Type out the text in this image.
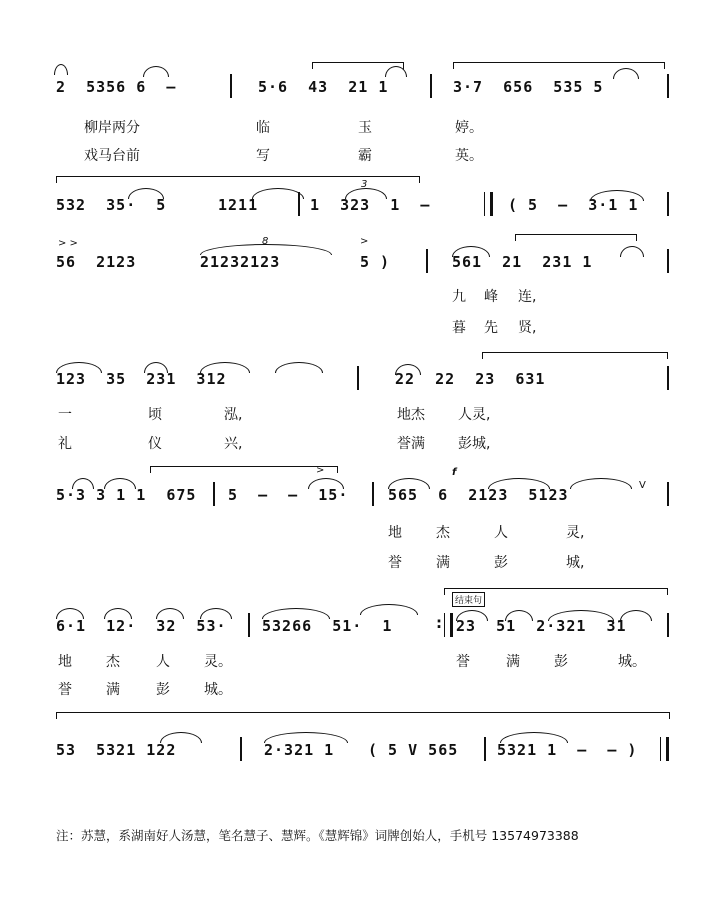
2  5356 6  –	5·6  43  21 1	3·7  656  535 5
柳岸两分	临	玉	婷。
戏马台前	写	霸	英。
3
532  35·  5	1211	1  323  1  –	( 5  –  3·1 1
> >	8	>
56  2123	21232123	5 )	561  21  231 1
九 峰 连,
暮 先 贤,
123  35  231  312	22  22  23  631
一	顷	泓,	地杰 人灵,
礼	仪	兴,	誉满 彭城,
>	f
V
5·3 3 1 1  675 5  –  –  15·	565  6  2123  5123
地 杰	人	灵,
誉 满	彭	城,
结束句
6·1  12·  32  53· 53266  51·  1	23  51  2·321  31
:
地 杰	人 灵。	誉	满 彭	城。
誉 满	彭 城。
53  5321 122	2·321 1 ( 5 V 565	5321 1  –  – )
注：苏慧，系湖南好人汤慧，笔名慧子、慧辉。《慧辉锦》词牌创始人，手机号 13574973388
